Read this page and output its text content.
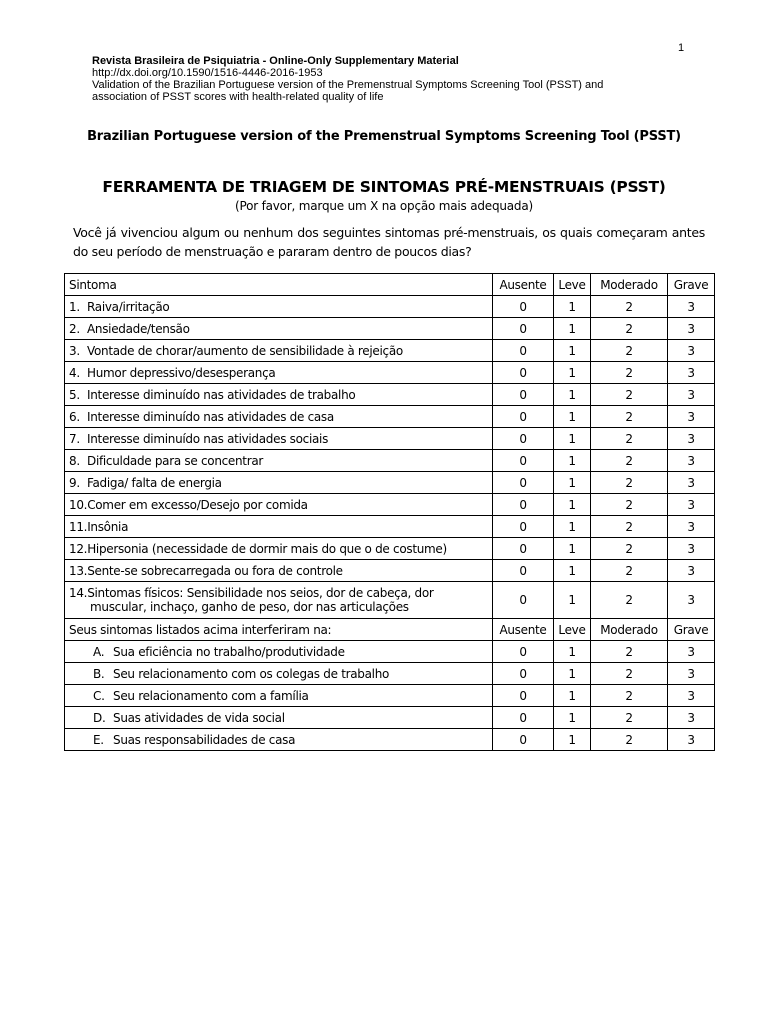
1
Revista Brasileira de Psiquiatria - Online-Only Supplementary Material
http://dx.doi.org/10.1590/1516-4446-2016-1953
Validation of the Brazilian Portuguese version of the Premenstrual Symptoms Screening Tool (PSST) and
association of PSST scores with health-related quality of life
Brazilian Portuguese version of the Premenstrual Symptoms Screening Tool (PSST)
FERRAMENTA DE TRIAGEM DE SINTOMAS PRÉ-MENSTRUAIS (PSST)
(Por favor, marque um X na opção mais adequada)
Você já vivenciou algum ou nenhum dos seguintes sintomas pré-menstruais, os quais começaram antes do seu período de menstruação e pararam dentro de poucos dias?
Sintoma	Ausente	Leve	Moderado	Grave
1. Raiva/irritação	0	1	2	3
2. Ansiedade/tensão	0	1	2	3
3. Vontade de chorar/aumento de sensibilidade à rejeição	0	1	2	3
4. Humor depressivo/desesperança	0	1	2	3
5. Interesse diminuído nas atividades de trabalho	0	1	2	3
6. Interesse diminuído nas atividades de casa	0	1	2	3
7. Interesse diminuído nas atividades sociais	0	1	2	3
8. Dificuldade para se concentrar	0	1	2	3
9. Fadiga/ falta de energia	0	1	2	3
10.Comer em excesso/Desejo por comida	0	1	2	3
11.Insônia	0	1	2	3
12.Hipersonia (necessidade de dormir mais do que o de costume)	0	1	2	3
13.Sente-se sobrecarregada ou fora de controle	0	1	2	3
14.Sintomas físicos: Sensibilidade nos seios, dor de cabeça, dor
muscular, inchaço, ganho de peso, dor nas articulações	0	1	2	3
Seus sintomas listados acima interferiram na:	Ausente	Leve	Moderado	Grave
A. Sua eficiência no trabalho/produtividade	0	1	2	3
B. Seu relacionamento com os colegas de trabalho	0	1	2	3
C. Seu relacionamento com a família	0	1	2	3
D. Suas atividades de vida social	0	1	2	3
E. Suas responsabilidades de casa	0	1	2	3
